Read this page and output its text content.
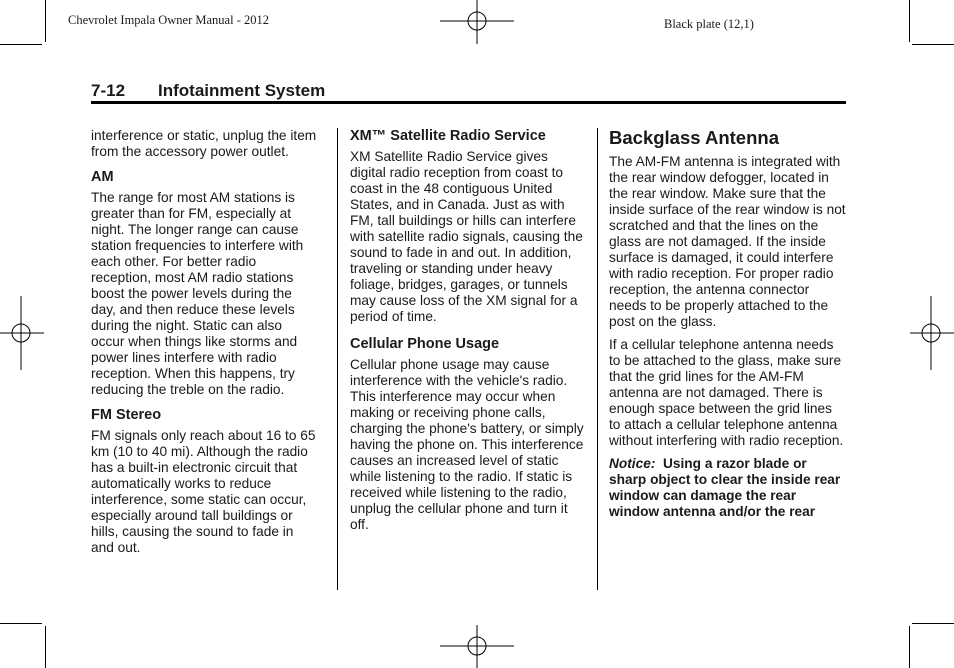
Chevrolet Impala Owner Manual - 2012	Black plate (12,1)
7-12 Infotainment System

interference or static, unplug the item from the accessory power outlet.

AM

The range for most AM stations is greater than for FM, especially at night. The longer range can cause station frequencies to interfere with each other. For better radio reception, most AM radio stations boost the power levels during the day, and then reduce these levels during the night. Static can also occur when things like storms and power lines interfere with radio reception. When this happens, try reducing the treble on the radio.

FM Stereo

FM signals only reach about 16 to 65 km (10 to 40 mi). Although the radio has a built-in electronic circuit that automatically works to reduce interference, some static can occur, especially around tall buildings or hills, causing the sound to fade in and out.

XM™ Satellite Radio Service

XM Satellite Radio Service gives digital radio reception from coast to coast in the 48 contiguous United States, and in Canada. Just as with FM, tall buildings or hills can interfere with satellite radio signals, causing the sound to fade in and out. In addition, traveling or standing under heavy foliage, bridges, garages, or tunnels may cause loss of the XM signal for a period of time.

Cellular Phone Usage

Cellular phone usage may cause interference with the vehicle's radio. This interference may occur when making or receiving phone calls, charging the phone's battery, or simply having the phone on. This interference causes an increased level of static while listening to the radio. If static is received while listening to the radio, unplug the cellular phone and turn it off.

Backglass Antenna

The AM-FM antenna is integrated with the rear window defogger, located in the rear window. Make sure that the inside surface of the rear window is not scratched and that the lines on the glass are not damaged. If the inside surface is damaged, it could interfere with radio reception. For proper radio reception, the antenna connector needs to be properly attached to the post on the glass.

If a cellular telephone antenna needs to be attached to the glass, make sure that the grid lines for the AM-FM antenna are not damaged. There is enough space between the grid lines to attach a cellular telephone antenna without interfering with radio reception.

Notice: Using a razor blade or sharp object to clear the inside rear window can damage the rear window antenna and/or the rear
